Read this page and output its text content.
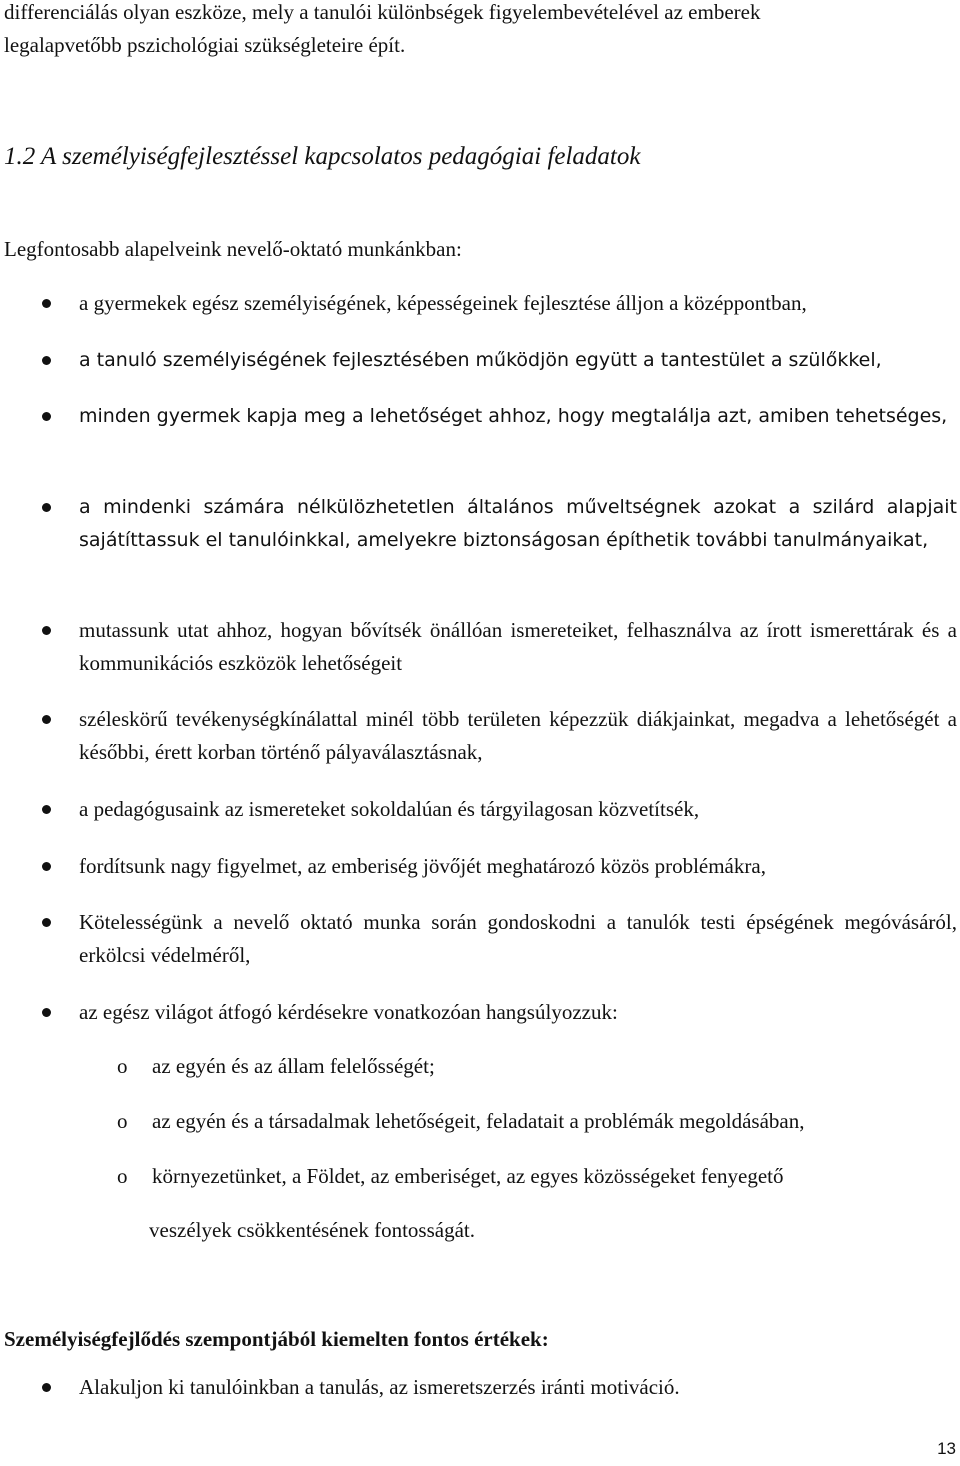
differenciálás olyan eszköze, mely a tanulói különbségek figyelembevételével az emberek
legalapvetőbb pszichológiai szükségleteire épít.

1.2 A személyiségfejlesztéssel kapcsolatos pedagógiai feladatok

Legfontosabb alapelveink nevelő-oktató munkánkban:

a gyermekek egész személyiségének, képességeinek fejlesztése álljon a középpontban,

a tanuló személyiségének fejlesztésében működjön együtt a tantestület a szülőkkel,

minden gyermek kapja meg a lehetőséget ahhoz, hogy megtalálja azt, amiben tehetséges,

a mindenki számára nélkülözhetetlen általános műveltségnek azokat a szilárd alapjait sajátíttassuk el tanulóinkkal, amelyekre biztonságosan építhetik további tanulmányaikat,

mutassunk utat ahhoz, hogyan bővítsék önállóan ismereteiket, felhasználva az írott ismerettárak és a kommunikációs eszközök lehetőségeit

széleskörű tevékenységkínálattal minél több területen képezzük diákjainkat, megadva a lehetőségét a későbbi, érett korban történő pályaválasztásnak,

a pedagógusaink az ismereteket sokoldalúan és tárgyilagosan közvetítsék,

fordítsunk nagy figyelmet, az emberiség jövőjét meghatározó közös problémákra,

Kötelességünk a nevelő oktató munka során gondoskodni a tanulók testi épségének megóvásáról, erkölcsi védelméről,

az egész világot átfogó kérdésekre vonatkozóan hangsúlyozzuk:

o az egyén és az állam felelősségét;

o az egyén és a társadalmak lehetőségeit, feladatait a problémák megoldásában,

o környezetünket, a Földet, az emberiséget, az egyes közösségeket fenyegető

veszélyek csökkentésének fontosságát.

Személyiségfejlődés szempontjából kiemelten fontos értékek:

Alakuljon ki tanulóinkban a tanulás, az ismeretszerzés iránti motiváció.

13
